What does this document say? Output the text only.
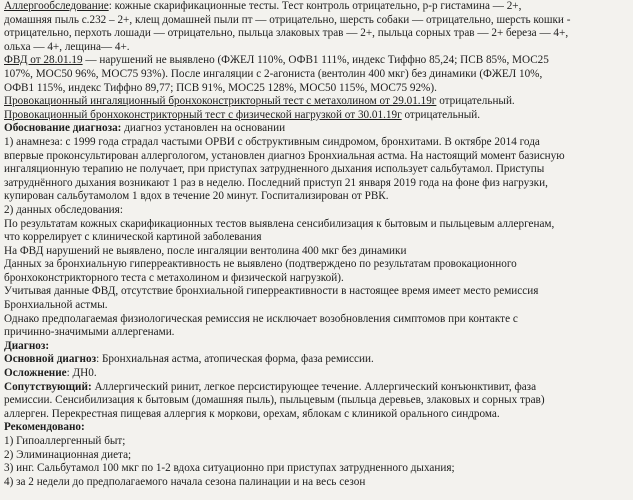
Аллергообследование: кожные скарификационные тесты. Тест контроль отрицательно, р-р гистамина — 2+,
домашняя пыль с.232 – 2+, клещ домашней пыли пт — отрицательно, шерсть собаки — отрицательно, шерсть кошки -
отрицательно, перхоть лошади — отрицательно, пыльца злаковых трав — 2+, пыльца сорных трав — 2+ береза — 4+,
ольха — 4+, лещина— 4+.
ФВД от 28.01.19 — нарушений не выявлено (ФЖЕЛ 110%, ОФВ1 111%, индекс Тиффно 85,24; ПСВ 85%, МОС25
107%, МОС50 96%, МОС75 93%). После ингаляции с 2-агониста (вентолин 400 мкг) без динамики (ФЖЕЛ 10%,
ОФВ1 115%, индекс Тиффно 89,77; ПСВ 91%, МОС25 128%, МОС50 115%, МОС75 92%).
Провокационный ингаляционный бронхоконстрикторный тест с метахолином от 29.01.19г отрицательный.
Провокационный бронхоконстрикторный тест с физической нагрузкой от 30.01.19г отрицательный.
Обоснование диагноза: диагноз установлен на основании
1) анамнеза: с 1999 года страдал частыми ОРВИ с обструктивным синдромом, бронхитами. В октябре 2014 года
впервые проконсультирован аллергологом, установлен диагноз Бронхиальная астма. На настоящий момент базисную
ингаляционную терапию не получает, при приступах затрудненного дыхания использует сальбутамол. Приступы
затруднённого дыхания возникают 1 раз в неделю. Последний приступ 21 января 2019 года на фоне физ нагрузки,
купирован сальбутамолом 1 вдох в течение 20 минут. Госпитализирован от РВК.
2) данных обследования:
По результатам кожных скарификационных тестов выявлена сенсибилизация к бытовым и пыльцевым аллергенам,
что коррелирует с клинической картиной заболевания
На ФВД нарушений не выявлено, после ингаляции вентолина 400 мкг без динамики
Данных за бронхиальную гиперреактивность не выявлено (подтверждено по результатам провокационного
бронхоконстрикторного теста с метахолином и физической нагрузкой).
Учитывая данные ФВД, отсутствие бронхиальной гиперреактивности в настоящее время имеет место ремиссия
Бронхиальной астмы.
Однако предполагаемая физиологическая ремиссия не исключает возобновления симптомов при контакте с
причинно-значимыми аллергенами.
Диагноз:
Основной диагноз: Бронхиальная астма, атопическая форма, фаза ремиссии.
Осложнение: ДН0.
Сопутствующий: Аллергический ринит, легкое персистирующее течение. Аллергический конъюнктивит, фаза
ремиссии. Сенсибилизация к бытовым (домашняя пыль), пыльцевым (пыльца деревьев, злаковых и сорных трав)
аллерген. Перекрестная пищевая аллергия к моркови, орехам, яблокам с клиникой орального синдрома.
Рекомендовано:
1) Гипоаллергенный быт;
2) Элиминационная диета;
3) инг. Сальбутамол 100 мкг по 1-2 вдоха ситуационно при приступах затрудненного дыхания;
4) за 2 недели до предполагаемого начала сезона палинации и на весь сезон
